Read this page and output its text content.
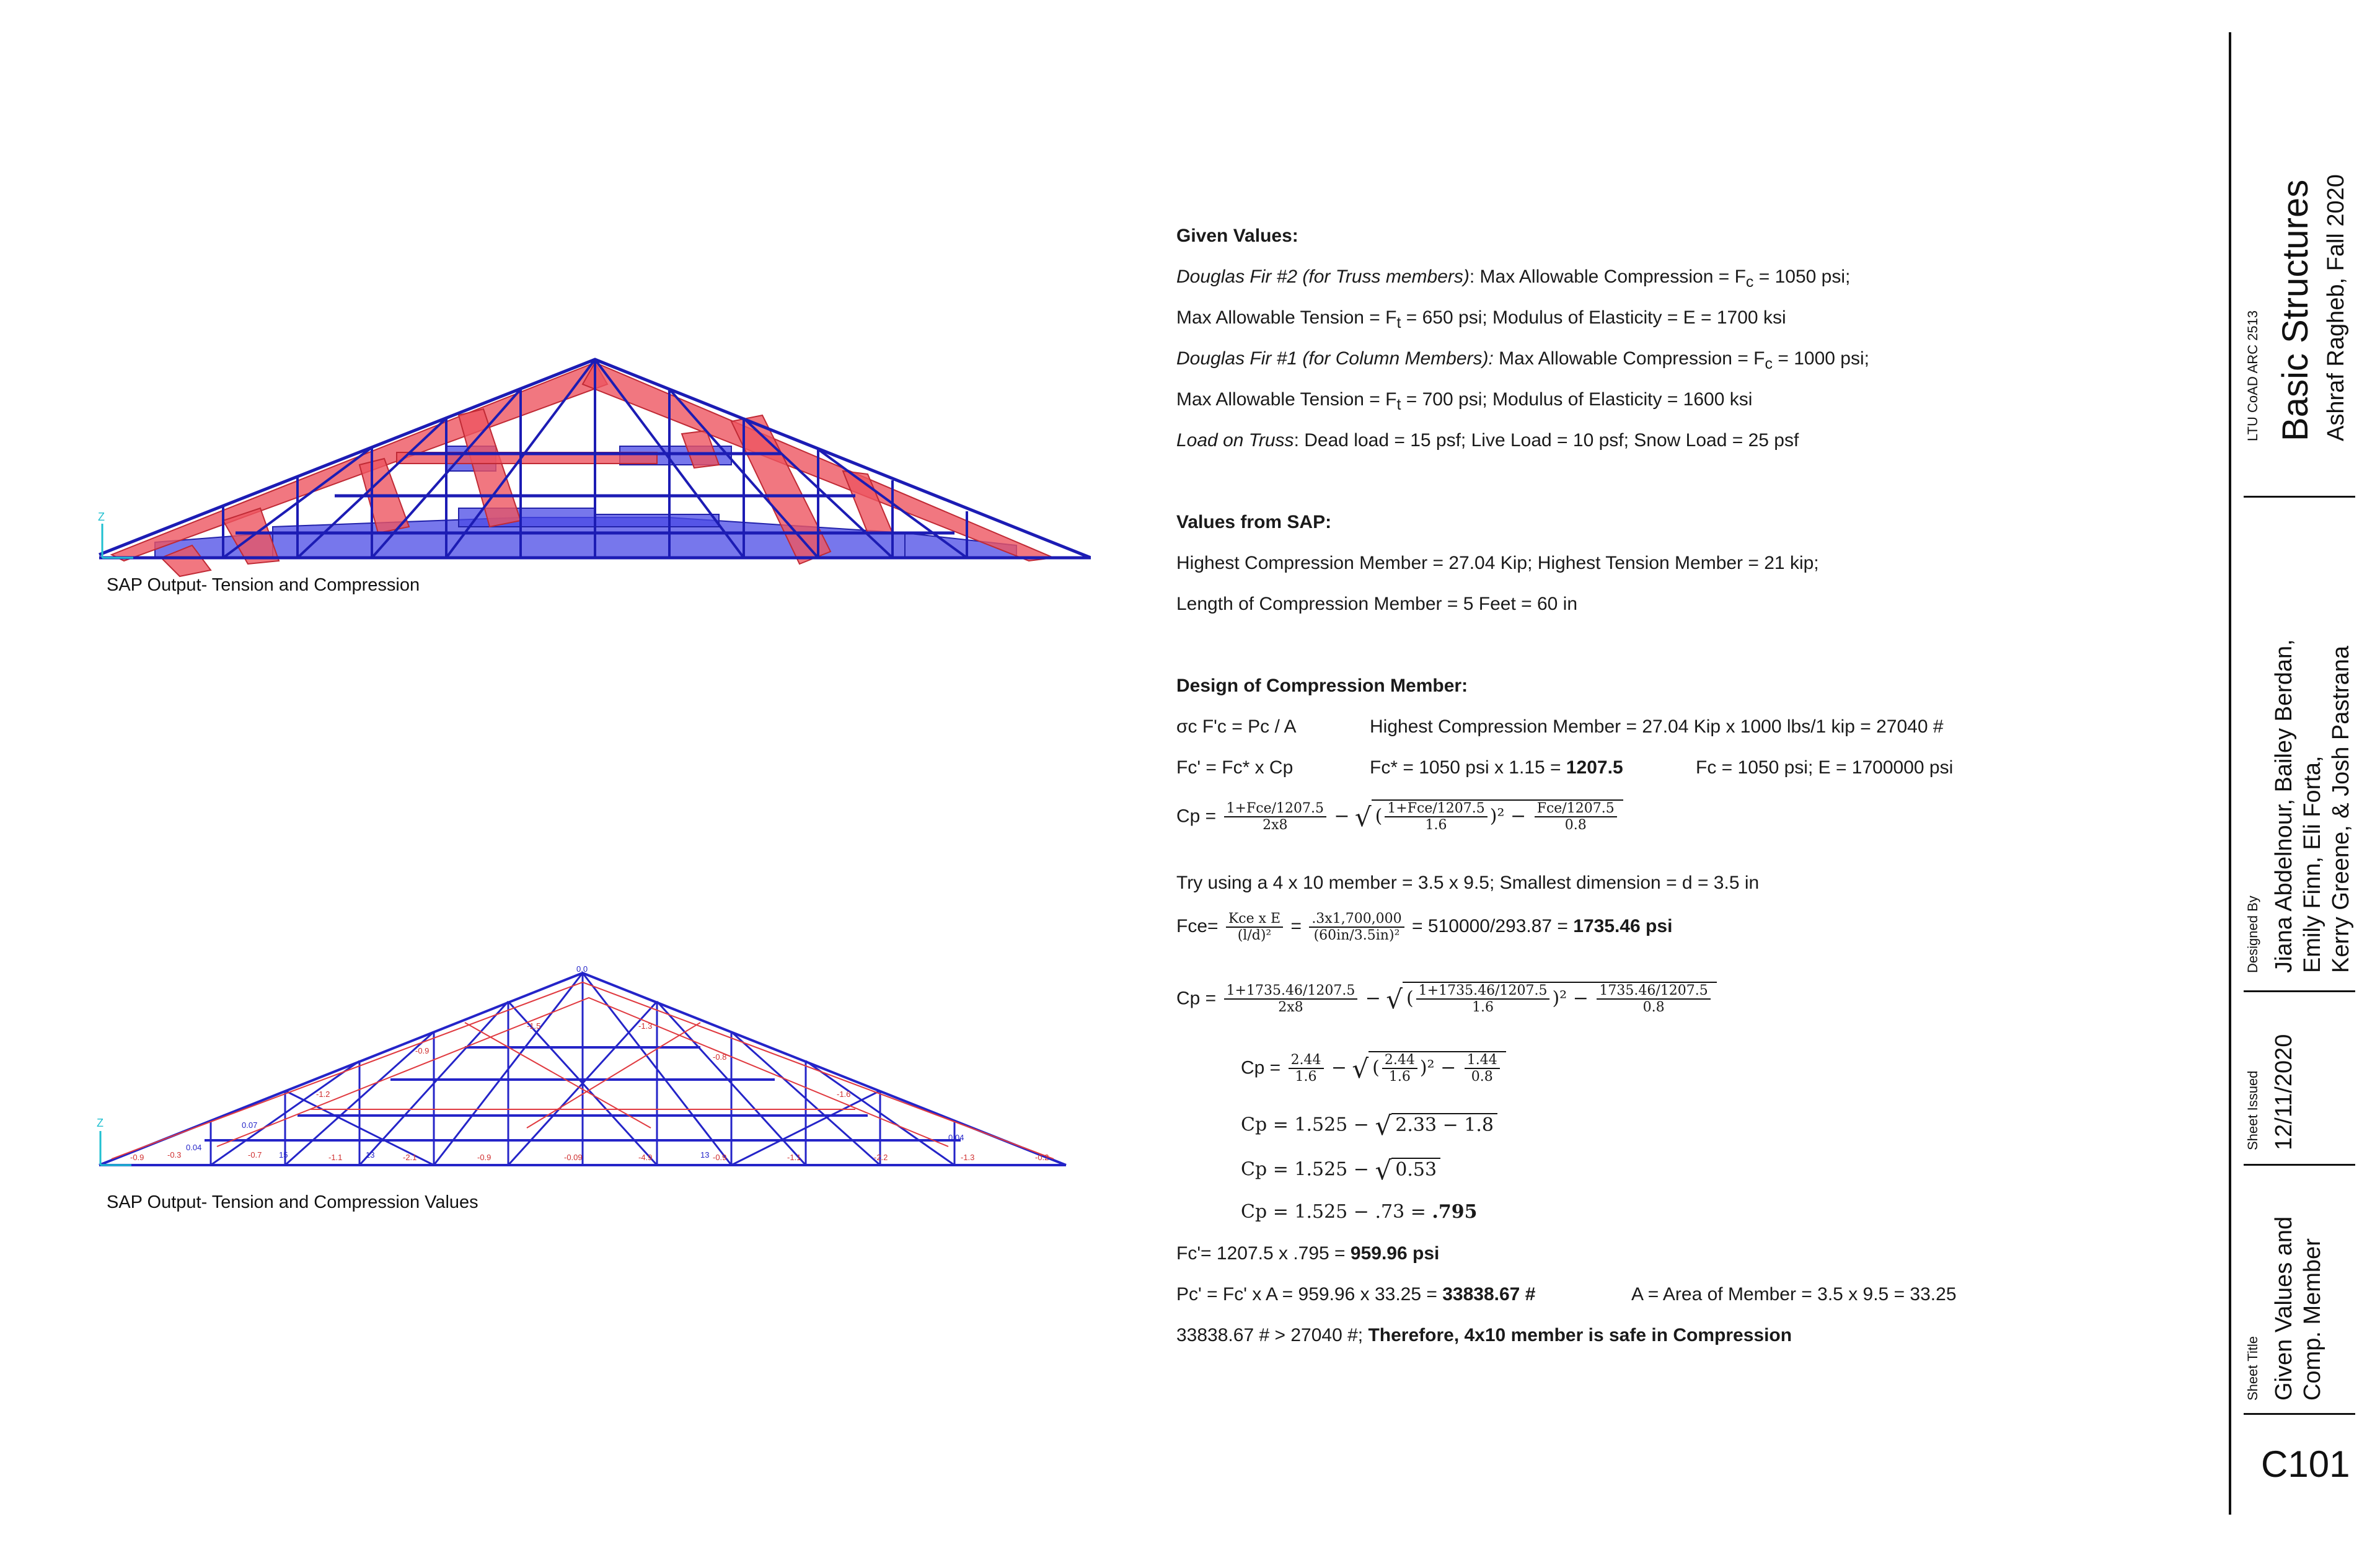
Z
SAP Output- Tension and Compression
-0.9	-0.3	-0.7	-1.1	-2.1	-0.9	-0.09	-4.9	-0.9	-1.1	-2.2	-1.3	-0.2
-0.9
-1.5	-1.3
-0.8
-1.2	-1.6
0.0
0.04
0.07
0.04
15	13	13
Z
SAP Output- Tension and Compression Values
Given Values:
Douglas Fir #2 (for Truss members): Max Allowable Compression = $F_c = 1050$ psi;
Max Allowable Tension = $F_t = 650$ psi; Modulus of Elasticity = E = 1700 ksi
Douglas Fir #1 (for Column Members): Max Allowable Compression = $F_c = 1000$ psi;
Max Allowable Tension = $F_t = 700$ psi; Modulus of Elasticity = 1600 ksi
Load on Truss: Dead load = 15 psf; Live Load = 10 psf; Snow Load = 25 psf
Values from SAP:
Highest Compression Member = 27.04 Kip; Highest Tension Member = 21 kip;
Length of Compression Member = 5 Feet = 60 in
Design of Compression Member:
σc F'c = Pc / A	Highest Compression Member = 27.04 Kip x 1000 lbs/1 kip = 27040 #
Fc' = Fc* x Cp	Fc* = 1050 psi x 1.15 = 1207.5	Fc = 1050 psi; E = 1700000 psi
$Cp = \frac{\text{1+Fce/1207.5}}{2x8}$ − √ ( $\frac{\text{1+Fce/1207.5}}{1.6} )^2 - \frac{\text{Fce/1207.5}}{0.8}$
Try using a 4 x 10 member = 3.5 x 9.5; Smallest dimension = d = 3.5 in
$Fce= \frac{\text{Kce x E}}{\text{(l/d)²}} = \frac{.3x1,700,000}{\text{(60in/3.5in)²}} = 510000/293.87 = 1735.46$ psi
$Cp = \frac{1+1735.46/1207.5}{2x8}$ − √ ( $\frac{1+1735.46/1207.5}{1.6} )^2 - \frac{1735.46/1207.5}{0.8}$
$Cp = \frac{2.44}{1.6}$ − √ ( $\frac{2.44}{1.6} )^2 - \frac{1.44}{0.8}$
Cp = 1.525 − √ 2.33 − 1.8
Cp = 1.525 − √ 0.53
Cp = 1.525 − .73 = .795
Fc'= 1207.5 x .795 = 959.96 psi
Pc' = Fc' x A = 959.96 x 33.25 = 33838.67 #	A = Area of Member = 3.5 x 9.5 = 33.25
33838.67 # > 27040 #; Therefore, 4x10 member is safe in Compression
LTU CoAD ARC 2513 Basic Structures Ashraf Ragheb, Fall 2020
Designed By Jiana Abdelnour, Bailey Berdan, Emily Finn, Eli Forta, Kerry Greene, & Josh Pastrana
Sheet Issued 12/11/2020
Sheet Title Given Values and Comp. Member
C101
